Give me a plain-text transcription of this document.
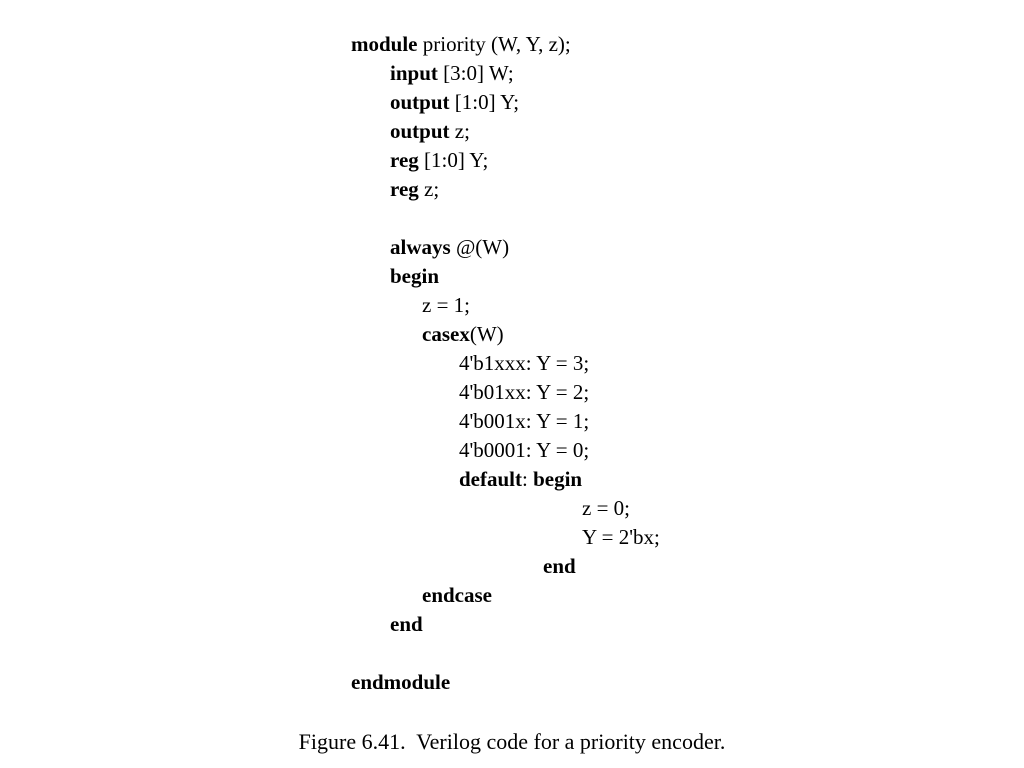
module priority (W, Y, z);
input [3:0] W;
output [1:0] Y;
output z;
reg [1:0] Y;
reg z;
always @(W)
begin
z = 1;
casex(W)
4'b1xxx: Y = 3;
4'b01xx: Y = 2;
4'b001x: Y = 1;
4'b0001: Y = 0;
default: begin
z = 0;
Y = 2'bx;
end
endcase
end
endmodule
Figure 6.41.  Verilog code for a priority encoder.
